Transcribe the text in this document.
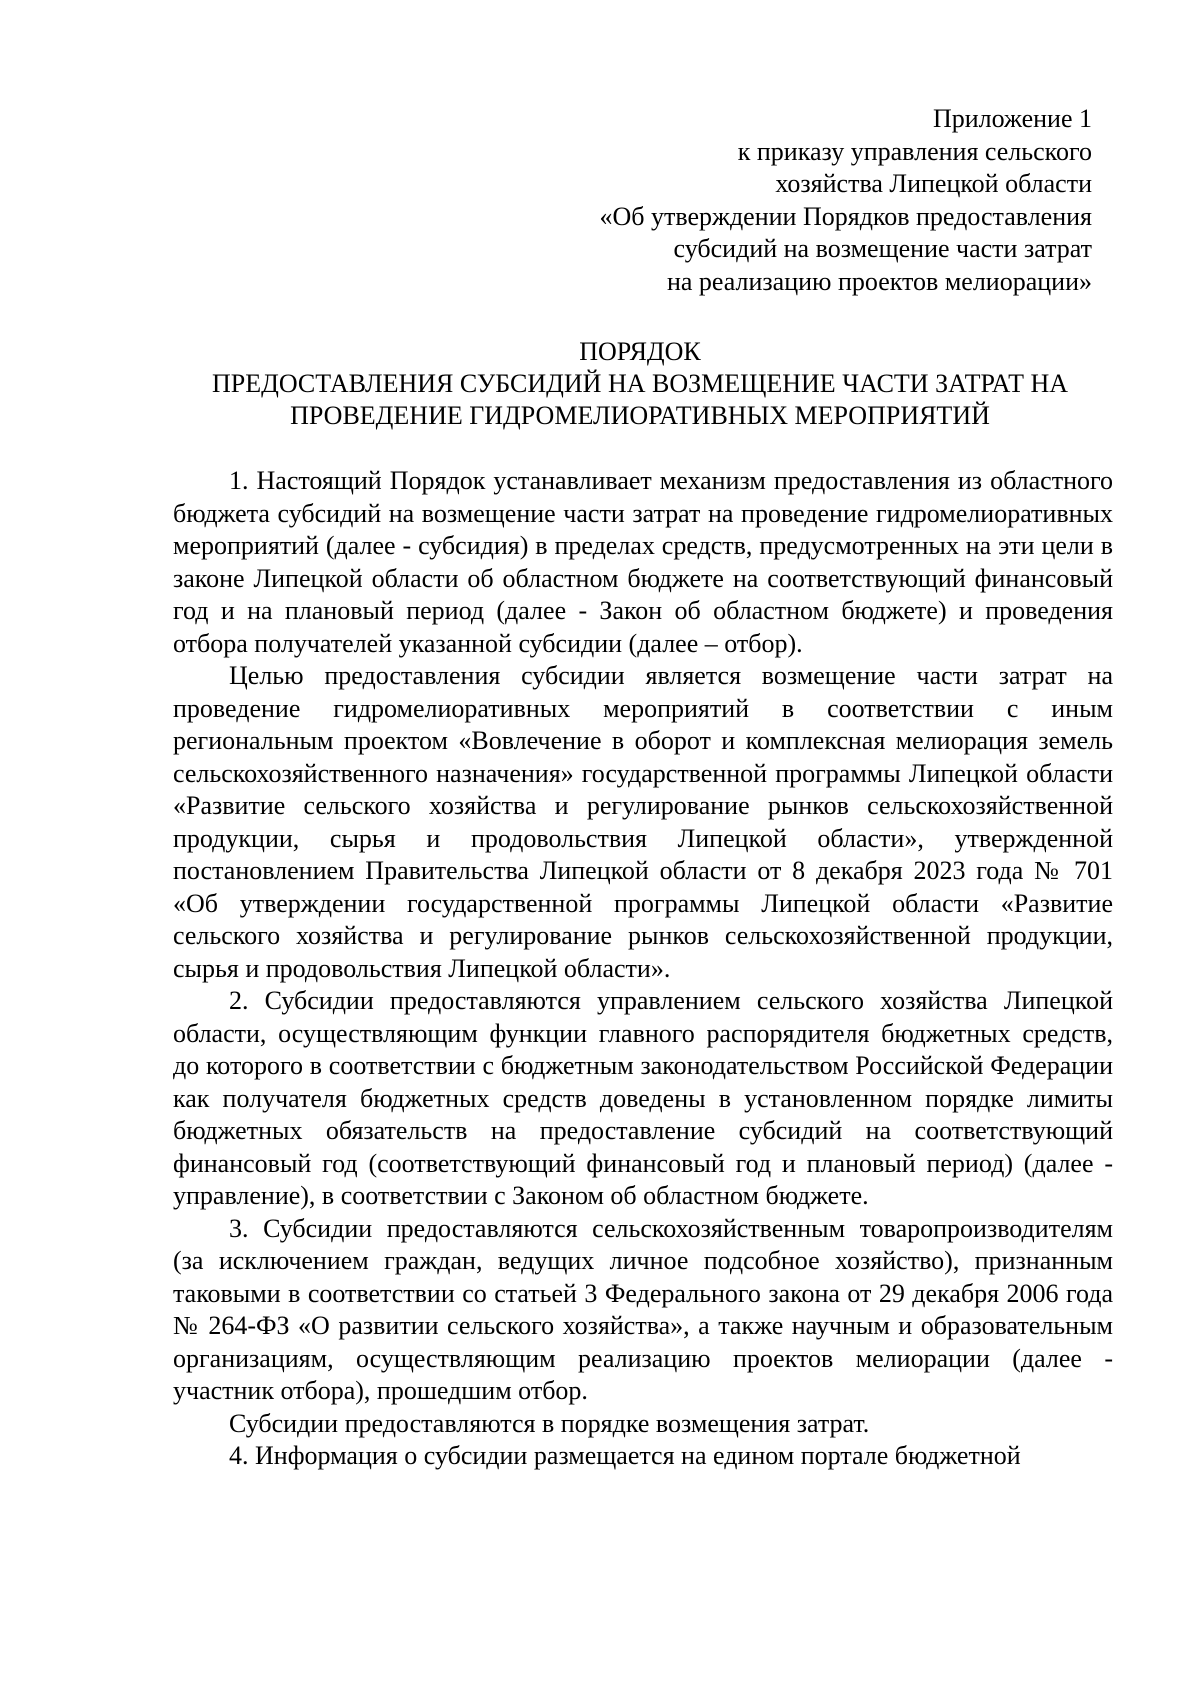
Приложение 1
к приказу управления сельского
хозяйства Липецкой области
«Об утверждении Порядков предоставления
субсидий на возмещение части затрат
на реализацию проектов мелиорации»
ПОРЯДОК
ПРЕДОСТАВЛЕНИЯ СУБСИДИЙ НА ВОЗМЕЩЕНИЕ ЧАСТИ ЗАТРАТ НА
ПРОВЕДЕНИЕ ГИДРОМЕЛИОРАТИВНЫХ МЕРОПРИЯТИЙ

1. Настоящий Порядок устанавливает механизм предоставления из областного бюджета субсидий на возмещение части затрат на проведение гидромелиоративных мероприятий (далее - субсидия) в пределах средств, предусмотренных на эти цели в законе Липецкой области об областном бюджете на соответствующий финансовый год и на плановый период (далее - Закон об областном бюджете) и проведения отбора получателей указанной субсидии (далее – отбор).

Целью предоставления субсидии является возмещение части затрат на проведение гидромелиоративных мероприятий в соответствии с иным региональным проектом «Вовлечение в оборот и комплексная мелиорация земель сельскохозяйственного назначения» государственной программы Липецкой области «Развитие сельского хозяйства и регулирование рынков сельскохозяйственной продукции, сырья и продовольствия Липецкой области», утвержденной постановлением Правительства Липецкой области от 8 декабря 2023 года № 701 «Об утверждении государственной программы Липецкой области «Развитие сельского хозяйства и регулирование рынков сельскохозяйственной продукции, сырья и продовольствия Липецкой области».

2. Субсидии предоставляются управлением сельского хозяйства Липецкой области, осуществляющим функции главного распорядителя бюджетных средств, до которого в соответствии с бюджетным законодательством Российской Федерации как получателя бюджетных средств доведены в установленном порядке лимиты бюджетных обязательств на предоставление субсидий на соответствующий финансовый год (соответствующий финансовый год и плановый период) (далее - управление), в соответствии с Законом об областном бюджете.

3. Субсидии предоставляются сельскохозяйственным товаропроизводителям (за исключением граждан, ведущих личное подсобное хозяйство), признанным таковыми в соответствии со статьей 3 Федерального закона от 29 декабря 2006 года № 264-ФЗ «О развитии сельского хозяйства», а также научным и образовательным организациям, осуществляющим реализацию проектов мелиорации (далее - участник отбора), прошедшим отбор.

Субсидии предоставляются в порядке возмещения затрат.

4. Информация о субсидии размещается на едином портале бюджетной
